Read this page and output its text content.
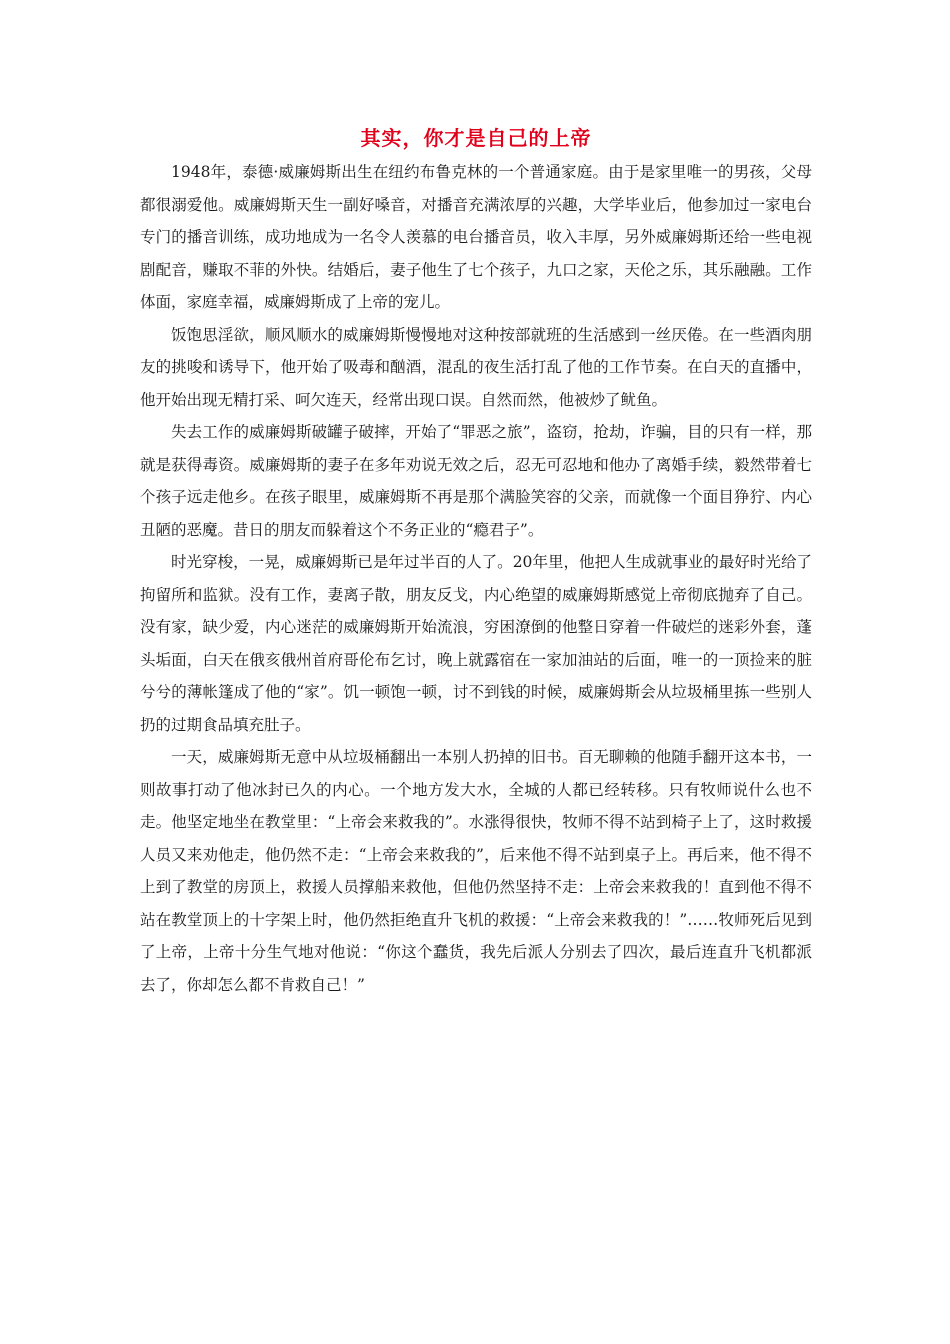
其实，你才是自己的上帝

1948年，泰德·威廉姆斯出生在纽约布鲁克林的一个普通家庭。由于是家里唯一的男孩，父母都很溺爱他。威廉姆斯天生一副好嗓音，对播音充满浓厚的兴趣，大学毕业后，他参加过一家电台专门的播音训练，成功地成为一名令人羡慕的电台播音员，收入丰厚，另外威廉姆斯还给一些电视剧配音，赚取不菲的外快。结婚后，妻子他生了七个孩子，九口之家，天伦之乐，其乐融融。工作体面，家庭幸福，威廉姆斯成了上帝的宠儿。

饭饱思淫欲，顺风顺水的威廉姆斯慢慢地对这种按部就班的生活感到一丝厌倦。在一些酒肉朋友的挑唆和诱导下，他开始了吸毒和酗酒，混乱的夜生活打乱了他的工作节奏。在白天的直播中，他开始出现无精打采、呵欠连天，经常出现口误。自然而然，他被炒了鱿鱼。

失去工作的威廉姆斯破罐子破摔，开始了“罪恶之旅”，盗窃，抢劫，诈骗，目的只有一样，那就是获得毒资。威廉姆斯的妻子在多年劝说无效之后，忍无可忍地和他办了离婚手续，毅然带着七个孩子远走他乡。在孩子眼里，威廉姆斯不再是那个满脸笑容的父亲，而就像一个面目狰狞、内心丑陋的恶魔。昔日的朋友而躲着这个不务正业的“瘾君子”。

时光穿梭，一晃，威廉姆斯已是年过半百的人了。20年里，他把人生成就事业的最好时光给了拘留所和监狱。没有工作，妻离子散，朋友反戈，内心绝望的威廉姆斯感觉上帝彻底抛弃了自己。没有家，缺少爱，内心迷茫的威廉姆斯开始流浪，穷困潦倒的他整日穿着一件破烂的迷彩外套，蓬头垢面，白天在俄亥俄州首府哥伦布乞讨，晚上就露宿在一家加油站的后面，唯一的一顶捡来的脏兮兮的薄帐篷成了他的“家”。饥一顿饱一顿，讨不到钱的时候，威廉姆斯会从垃圾桶里拣一些别人扔的过期食品填充肚子。

一天，威廉姆斯无意中从垃圾桶翻出一本别人扔掉的旧书。百无聊赖的他随手翻开这本书，一则故事打动了他冰封已久的内心。一个地方发大水，全城的人都已经转移。只有牧师说什么也不走。他坚定地坐在教堂里：“上帝会来救我的”。水涨得很快，牧师不得不站到椅子上了，这时救援人员又来劝他走，他仍然不走：“上帝会来救我的”，后来他不得不站到桌子上。再后来，他不得不上到了教堂的房顶上，救援人员撑船来救他，但他仍然坚持不走：上帝会来救我的！直到他不得不站在教堂顶上的十字架上时，他仍然拒绝直升飞机的救援：“上帝会来救我的！”……牧师死后见到了上帝，上帝十分生气地对他说：“你这个蠢货，我先后派人分别去了四次，最后连直升飞机都派去了，你却怎么都不肯救自己！”
